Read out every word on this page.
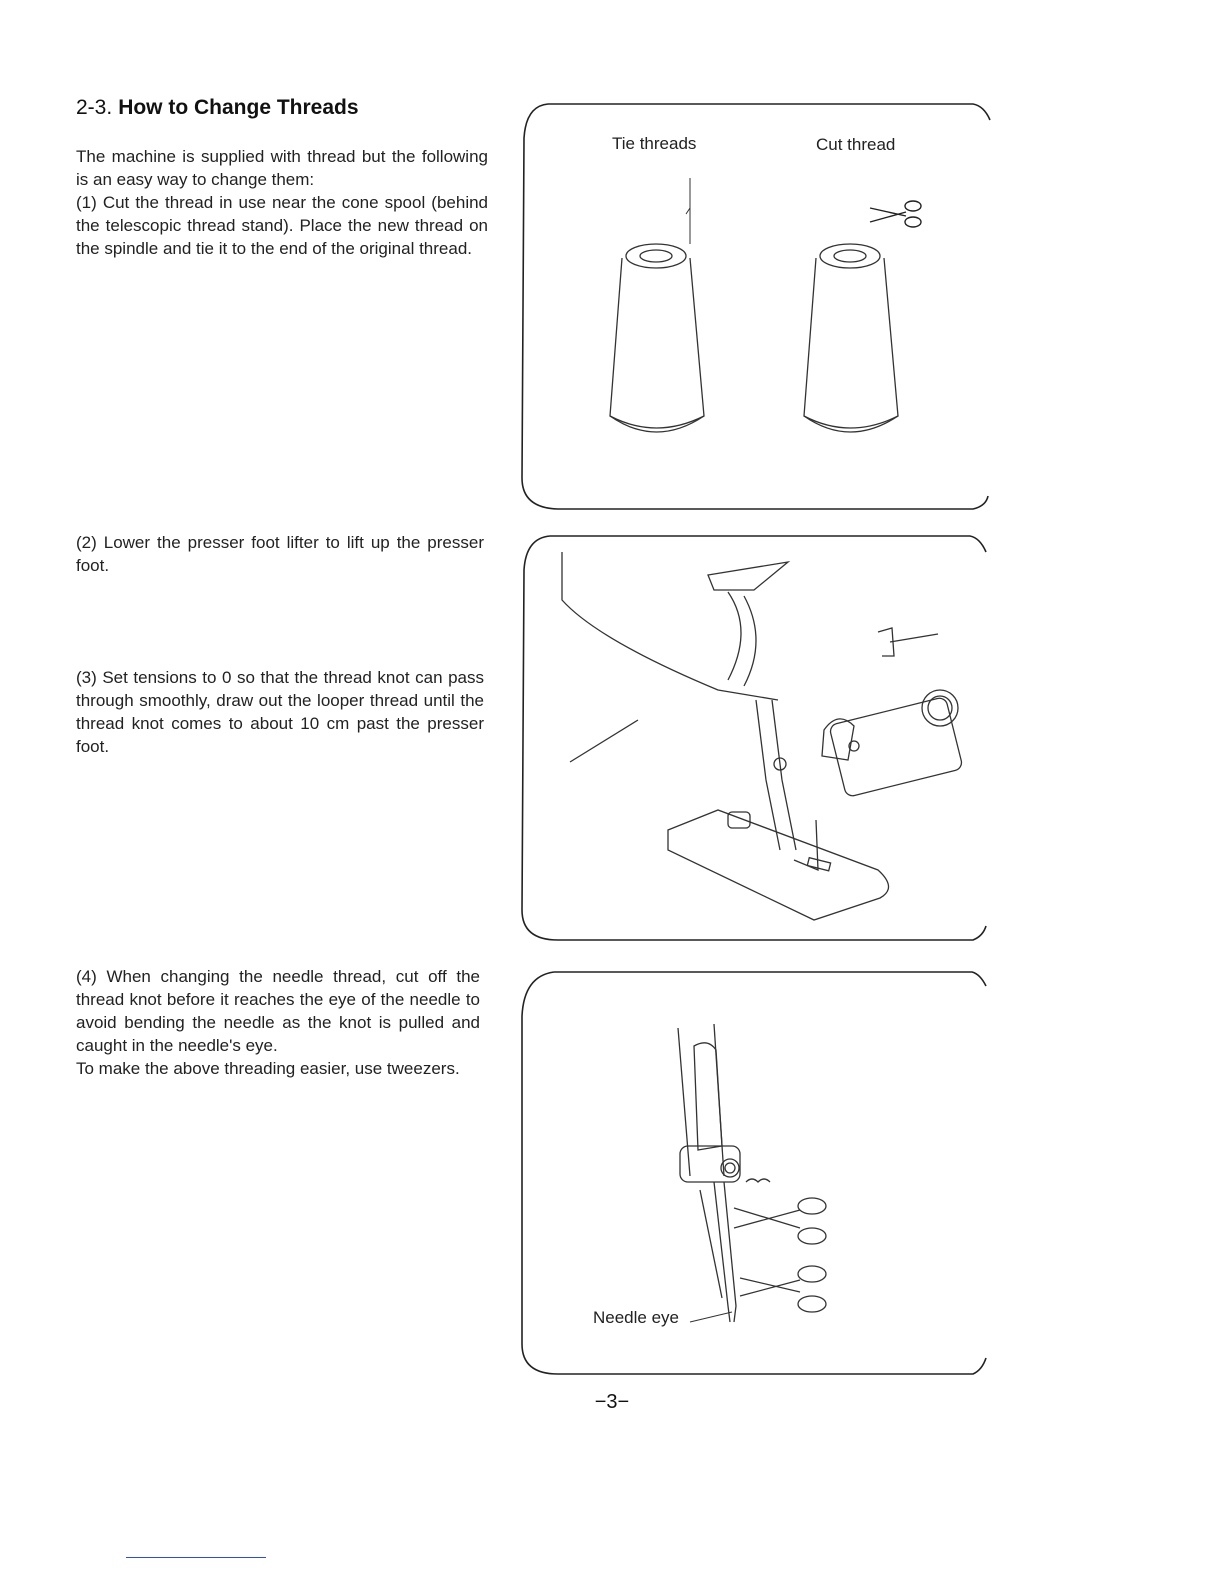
2-3. How to Change Threads

The machine is supplied with thread but the following is an easy way to change them:

(1) Cut the thread in use near the cone spool (behind the telescopic thread stand). Place the new thread on the spindle and tie it to the end of the original thread.

(2) Lower the presser foot lifter to lift up the presser foot.

(3) Set tensions to 0 so that the thread knot can pass through smoothly, draw out the looper thread until the thread knot comes to about 10 cm past the presser foot.

(4) When changing the needle thread, cut off the thread knot before it reaches the eye of the needle to avoid bending the needle as the knot is pulled and caught in the needle's eye.

To make the above threading easier, use tweezers.

Tie threads	Cut thread
Needle eye
−3−
